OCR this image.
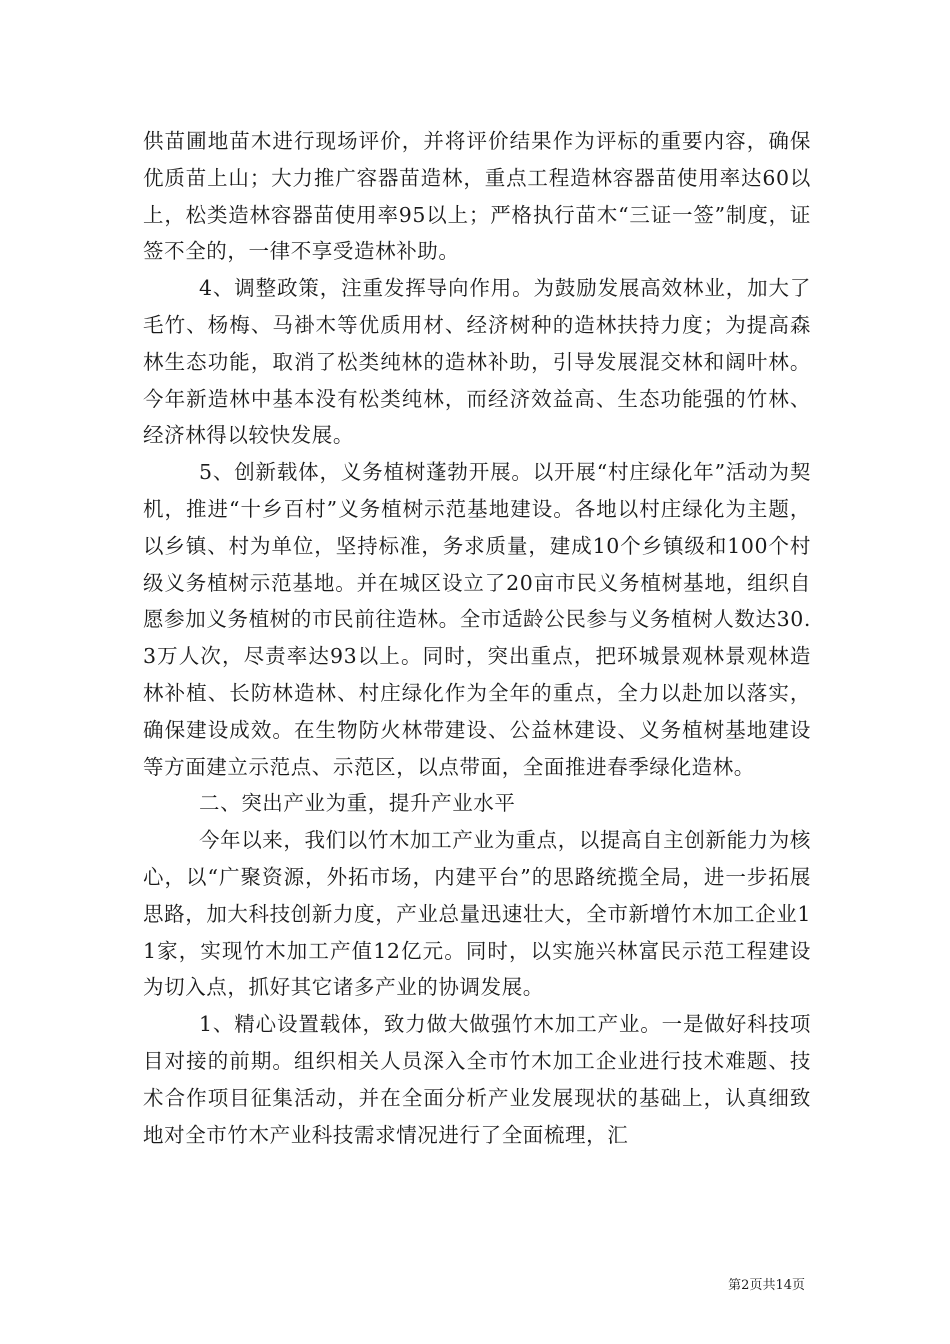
供苗圃地苗木进行现场评价，并将评价结果作为评标的重要内容，确保优质苗上山；大力推广容器苗造林，重点工程造林容器苗使用率达60以上，松类造林容器苗使用率95以上；严格执行苗木“三证一签”制度，证签不全的，一律不享受造林补助。

4、调整政策，注重发挥导向作用。为鼓励发展高效林业，加大了毛竹、杨梅、马褂木等优质用材、经济树种的造林扶持力度；为提高森林生态功能，取消了松类纯林的造林补助，引导发展混交林和阔叶林。今年新造林中基本没有松类纯林，而经济效益高、生态功能强的竹林、经济林得以较快发展。

5、创新载体，义务植树蓬勃开展。以开展“村庄绿化年”活动为契机，推进“十乡百村”义务植树示范基地建设。各地以村庄绿化为主题，以乡镇、村为单位，坚持标准，务求质量，建成10个乡镇级和100个村级义务植树示范基地。并在城区设立了20亩市民义务植树基地，组织自愿参加义务植树的市民前往造林。全市适龄公民参与义务植树人数达30.3万人次，尽责率达93以上。同时，突出重点，把环城景观林景观林造林补植、长防林造林、村庄绿化作为全年的重点，全力以赴加以落实，确保建设成效。在生物防火林带建设、公益林建设、义务植树基地建设等方面建立示范点、示范区，以点带面，全面推进春季绿化造林。

二、突出产业为重，提升产业水平

今年以来，我们以竹木加工产业为重点，以提高自主创新能力为核心，以“广聚资源，外拓市场，内建平台”的思路统揽全局，进一步拓展思路，加大科技创新力度，产业总量迅速壮大，全市新增竹木加工企业11家，实现竹木加工产值12亿元。同时，以实施兴林富民示范工程建设为切入点，抓好其它诸多产业的协调发展。

1、精心设置载体，致力做大做强竹木加工产业。一是做好科技项目对接的前期。组织相关人员深入全市竹木加工企业进行技术难题、技术合作项目征集活动，并在全面分析产业发展现状的基础上，认真细致地对全市竹木产业科技需求情况进行了全面梳理，汇

第2页共14页
